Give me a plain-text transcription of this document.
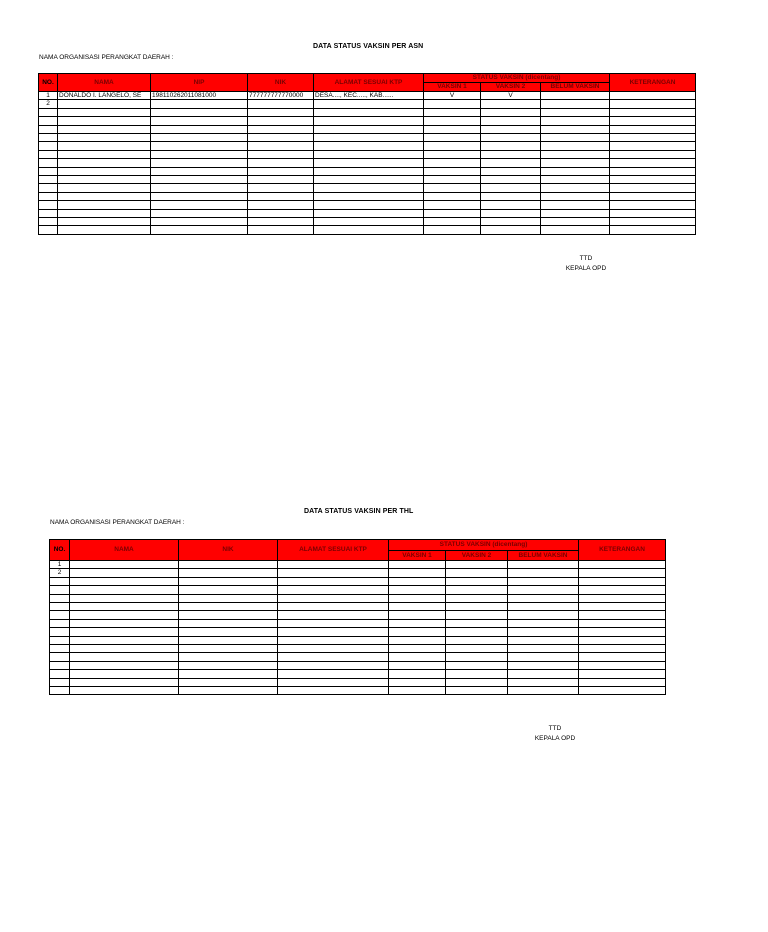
DATA STATUS VAKSIN PER ASN
NAMA ORGANISASI PERANGKAT DAERAH :
NO.	NAMA	NIP	NIK	ALAMAT SESUAI KTP	STATUS VAKSIN (dicentang)			KETERANGAN
					VAKSIN 1	VAKSIN 2	BELUM VAKSIN	
1	DONALDO I. LANGELO, SE	198110262011081000	777777777770000	DESA...., KEC....., KAB......	V	V		
2								

TTD
KEPALA OPD
DATA STATUS VAKSIN PER THL
NAMA ORGANISASI PERANGKAT DAERAH :
NO.	NAMA	NIK	ALAMAT SESUAI KTP	STATUS VAKSIN (dicentang)			KETERANGAN
				VAKSIN 1	VAKSIN 2	BELUM VAKSIN	
1							
2							

TTD
KEPALA OPD
